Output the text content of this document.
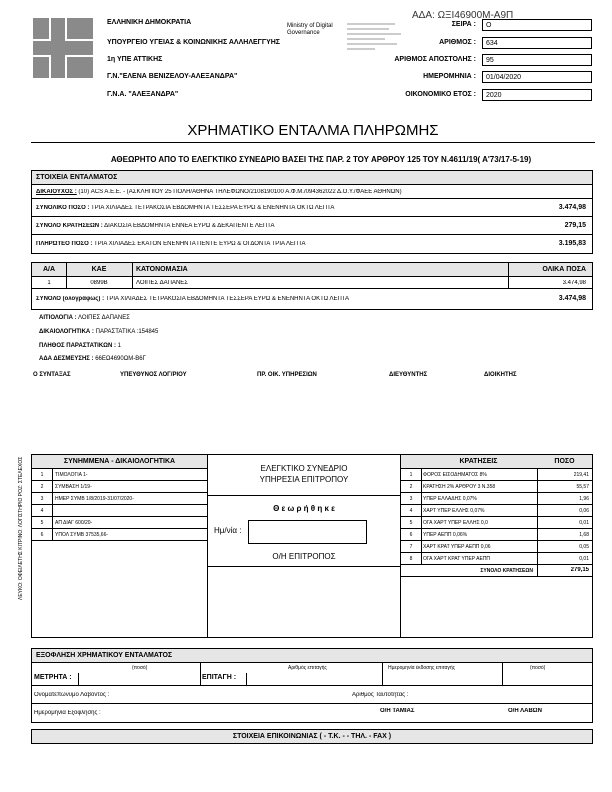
ΑΔΑ: ΩΞΙ46900Μ-Α9Π
ΕΛΛΗΝΙΚΗ ΔΗΜΟΚΡΑΤΙΑ
ΥΠΟΥΡΓΕΙΟ ΥΓΕΙΑΣ & ΚΟΙΝΩΝΙΚΗΣ ΑΛΛΗΛΕΓΓΥΗΣ
1η ΥΠΕ ΑΤΤΙΚΗΣ
Γ.Ν."ΕΛΕΝΑ ΒΕΝΙΖΕΛΟΥ-ΑΛΕΞΑΝΔΡΑ"
Γ.Ν.Α. "ΑΛΕΞΑΝΔΡΑ"
Ministry of Digital
Governance
ΣΕΙΡΑ :	Ο
ΑΡΙΘΜΟΣ :	634
ΑΡΙΘΜΟΣ ΑΠΟΣΤΟΛΗΣ :	95
ΗΜΕΡΟΜΗΝΙΑ :	01/04/2020
ΟΙΚΟΝΟΜΙΚΟ ΕΤΟΣ :	2020
ΧΡΗΜΑΤΙΚΟ ΕΝΤΑΛΜΑ ΠΛΗΡΩΜΗΣ
ΑΘΕΩΡΗΤΟ ΑΠΟ ΤΟ ΕΛΕΓΚΤΙΚΟ ΣΥΝΕΔΡΙΟ ΒΑΣΕΙ ΤΗΣ ΠΑΡ. 2 ΤΟΥ ΑΡΘΡΟΥ 125 ΤΟΥ Ν.4611/19( Α'73/17-5-19)
ΣΤΟΙΧΕΙΑ ΕΝΤΑΛΜΑΤΟΣ
ΔΙΚΑΙΟΥΧΟΣ : (10) ACS A.E.E. - (ΑΣΚΛΗΠΙΟΥ 25 ΠΟΛΗ/ΑΘΗΝΑ ΤΗΛΕΦΩΝΟ/2108190100 Α.Φ.Μ./094362022 Δ.Ο.Υ./ΦΑΕΕ ΑΘΗΝΩΝ)
ΣΥΝΟΛΙΚΟ ΠΟΣΟ : ΤΡΙΑ ΧΙΛΙΑΔΕΣ ΤΕΤΡΑΚΟΣΙΑ ΕΒΔΟΜΗΝΤΑ ΤΕΣΣΕΡΑ ΕΥΡΩ & ΕΝΕΝΗΝΤΑ ΟΚΤΩ ΛΕΠΤΑ	3.474,98
ΣΥΝΟΛΟ ΚΡΑΤΗΣΕΩΝ : ΔΙΑΚΟΣΙΑ ΕΒΔΟΜΗΝΤΑ ΕΝΝΕΑ ΕΥΡΩ & ΔΕΚΑΠΕΝΤΕ ΛΕΠΤΑ	279,15
ΠΛΗΡΩΤΕΟ ΠΟΣΟ : ΤΡΙΑ ΧΙΛΙΑΔΕΣ ΕΚΑΤΟΝ ΕΝΕΝΗΝΤΑ ΠΕΝΤΕ ΕΥΡΩ & ΟΓΔΟΝΤΑ ΤΡΙΑ ΛΕΠΤΑ	3.195,83
Α/Α	ΚΑΕ	ΚΑΤΟΝΟΜΑΣΙΑ	ΟΛΙΚΑ ΠΟΣΑ
1	0899Β	ΛΟΙΠΕΣ ΔΑΠΑΝΕΣ	3.474,98
ΣΥΝΟΛΟ (ολογράφως) : ΤΡΙΑ ΧΙΛΙΑΔΕΣ ΤΕΤΡΑΚΟΣΙΑ ΕΒΔΟΜΗΝΤΑ ΤΕΣΣΕΡΑ ΕΥΡΩ & ΕΝΕΝΗΝΤΑ ΟΚΤΩ ΛΕΠΤΑ	3.474,98
ΑΙΤΙΟΛΟΓΙΑ : ΛΟΙΠΕΣ ΔΑΠΑΝΕΣ
ΔΙΚΑΙΟΛΟΓΗΤΙΚΑ : ΠΑΡΑΣΤΑΤΙΚΑ :154845
ΠΛΗΘΟΣ ΠΑΡΑΣΤΑΤΙΚΩΝ : 1
ΑΔΑ ΔΕΣΜΕΥΣΗΣ : 66ΕΩ4690ΩΜ-Β6Γ
Ο ΣΥΝΤΑΞΑΣ	ΥΠΕΥΘΥΝΟΣ ΛΟΓ/ΡΙΟΥ	ΠΡ. ΟΙΚ. ΥΠΗΡΕΣΙΩΝ	ΔΙΕΥΘΥΝΤΗΣ	ΔΙΟΙΚΗΤΗΣ
ΛΕΥΚΟ: ΟΦΕΙΛΕΤΗΣ ΚΙΤΡΙΝΟ: ΛΟΓΙΣΤΗΡΙΟ ΡΟΖ: ΣΤΕΛΕΧΟΣ	ΣΥΝΗΜΜΕΝΑ - ΔΙΚΑΙΟΛΟΓΗΤΙΚΑ
1	ΤΙΜΟΛΟΓΙΑ 1-
2	ΣΥΜΒΑΣΗ 1/19-
3	ΗΜΕΡ ΣΥΜΒ 1/8/2019-31/07/2020-
4
5	ΑΠ ΔΙΑΓ 600/20-
6	ΥΠΟΛ ΣΥΜΒ 37535,66-
ΕΛΕΓΚΤΙΚΟ ΣΥΝΕΔΡΙΟ
ΥΠΗΡΕΣΙΑ ΕΠΙΤΡΟΠΟΥ
Θ ε ω ρ ή θ η κ ε
Ημ/νία :
Ο/Η ΕΠΙΤΡΟΠΟΣ
ΚΡΑΤΗΣΕΙΣ	ΠΟΣΟ
1	ΦΟΡΟΣ ΕΙΣΟΔΗΜΑΤΟΣ 8%	219,41
2	ΚΡΑΤΗΣΗ 2% ΑΡΘΡΟΥ 3 Ν.358	55,57
3	ΥΠΕΡ ΕΛΛΑΔΗΣ 0,07%	1,96
4	ΧΑΡΤ ΥΠΕΡ ΕΛΛΗΣ 0,07%	0,06
5	ΟΓΑ ΧΑΡΤ ΥΠΕΡ ΕΛΛΗΣ 0,0	0,01
6	ΥΠΕΡ ΑΕΠΠ 0,06%	1,68
7	ΧΑΡΤ ΚΡΑΤ ΥΠΕΡ ΑΕΠΠ 0,06	0,05
8	ΟΓΑ ΧΑΡΤ ΚΡΑΤ ΥΠΕΡ ΑΕΠΠ	0,01
ΣΥΝΟΛΟ ΚΡΑΤΗΣΕΩΝ	279,15
ΕΞΟΦΛΗΣΗ ΧΡΗΜΑΤΙΚΟΥ ΕΝΤΑΛΜΑΤΟΣ
(ποσό)
ΜΕΤΡΗΤΑ :	ΕΠΙΤΑΓΗ :
Αριθμός επιταγής	Ημερομηνία έκδοσης επιταγής	(ποσό)
Ονοματεπώνυμο Λαβόντος :	Αριθμός Ταυτότητας :
Ημερομηνία Εξόφλησης :	Ο/Η ΤΑΜΙΑΣ	Ο/Η ΛΑΒΩΝ
ΣΤΟΙΧΕΙΑ ΕΠΙΚΟΙΝΩΝΙΑΣ ( - Τ.Κ. - - ΤΗΛ. - FAX )
